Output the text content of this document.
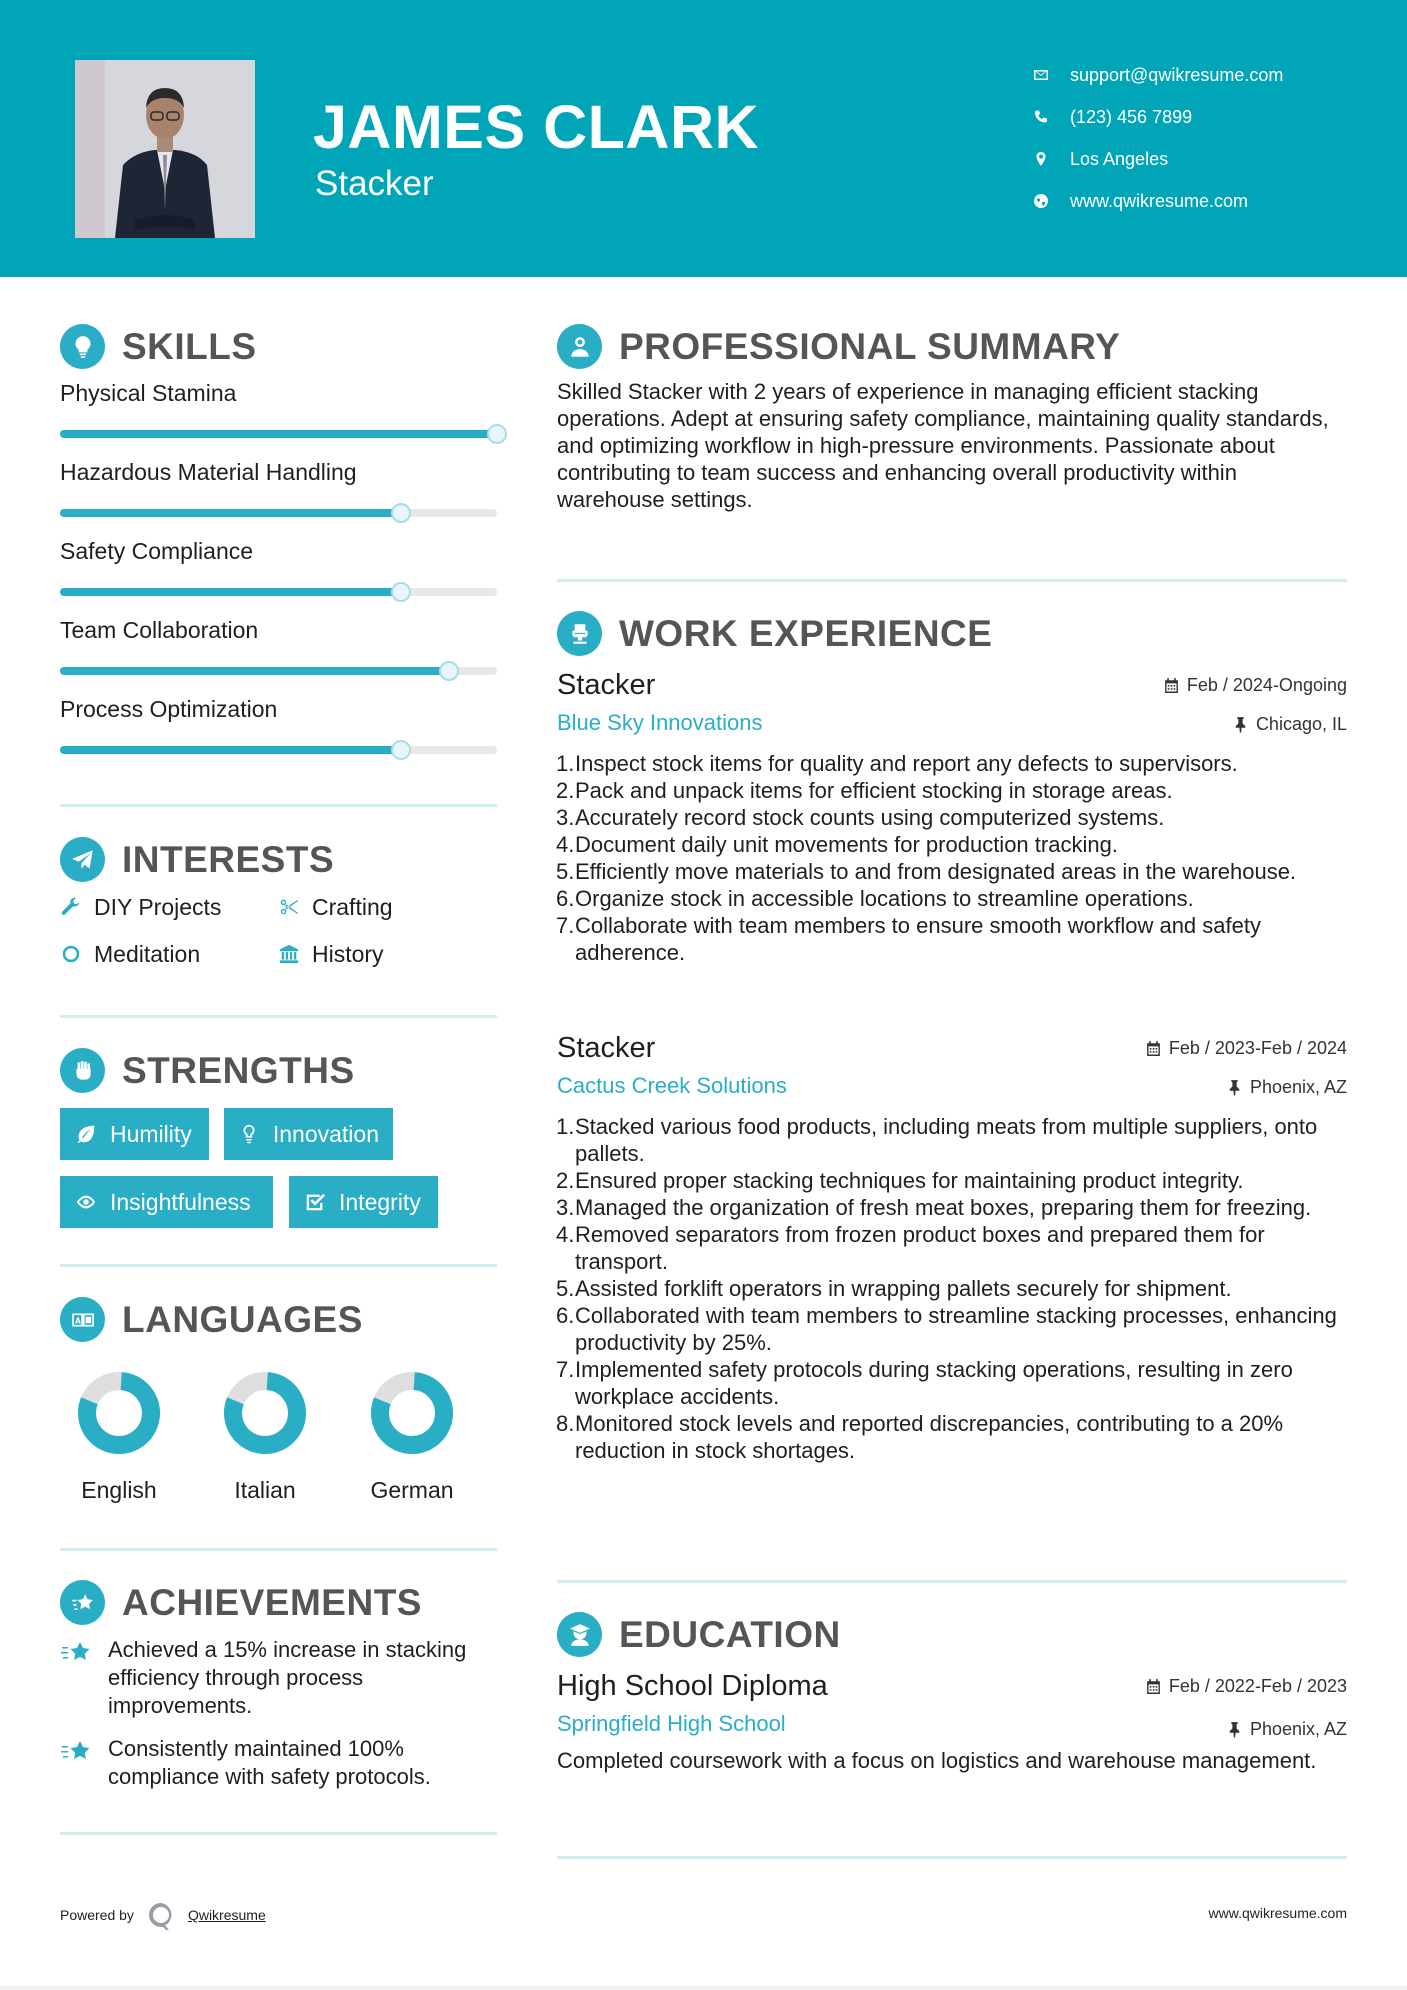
JAMES CLARK
Stacker
support@qwikresume.com
(123) 456 7899
Los Angeles
www.qwikresume.com
SKILLS
Physical Stamina
Hazardous Material Handling
Safety Compliance
Team Collaboration
Process Optimization
INTERESTS
DIY Projects	Crafting
Meditation	History
STRENGTHS
Humility	Innovation
Insightfulness	Integrity
A LANGUAGES
English	Italian	German
ACHIEVEMENTS
Achieved a 15% increase in stacking efficiency through process improvements.
Consistently maintained 100% compliance with safety protocols.
PROFESSIONAL SUMMARY
Skilled Stacker with 2 years of experience in managing efficient stacking operations. Adept at ensuring safety compliance, maintaining quality standards, and optimizing workflow in high-pressure environments. Passionate about contributing to team success and enhancing overall productivity within warehouse settings.
WORK EXPERIENCE
Stacker	Feb / 2024-Ongoing
Blue Sky Innovations	Chicago, IL
1. Inspect stock items for quality and report any defects to supervisors.
2. Pack and unpack items for efficient stocking in storage areas.
3. Accurately record stock counts using computerized systems.
4. Document daily unit movements for production tracking.
5. Efficiently move materials to and from designated areas in the warehouse.
6. Organize stock in accessible locations to streamline operations.
7. Collaborate with team members to ensure smooth workflow and safety adherence.
Stacker	Feb / 2023-Feb / 2024
Cactus Creek Solutions	Phoenix, AZ
1. Stacked various food products, including meats from multiple suppliers, onto pallets.
2. Ensured proper stacking techniques for maintaining product integrity.
3. Managed the organization of fresh meat boxes, preparing them for freezing.
4. Removed separators from frozen product boxes and prepared them for transport.
5. Assisted forklift operators in wrapping pallets securely for shipment.
6. Collaborated with team members to streamline stacking processes, enhancing productivity by 25%.
7. Implemented safety protocols during stacking operations, resulting in zero workplace accidents.
8. Monitored stock levels and reported discrepancies, contributing to a 20% reduction in stock shortages.
EDUCATION
High School Diploma	Feb / 2022-Feb / 2023
Springfield High School	Phoenix, AZ
Completed coursework with a focus on logistics and warehouse management.
Powered by	Qwikresume	www.qwikresume.com
